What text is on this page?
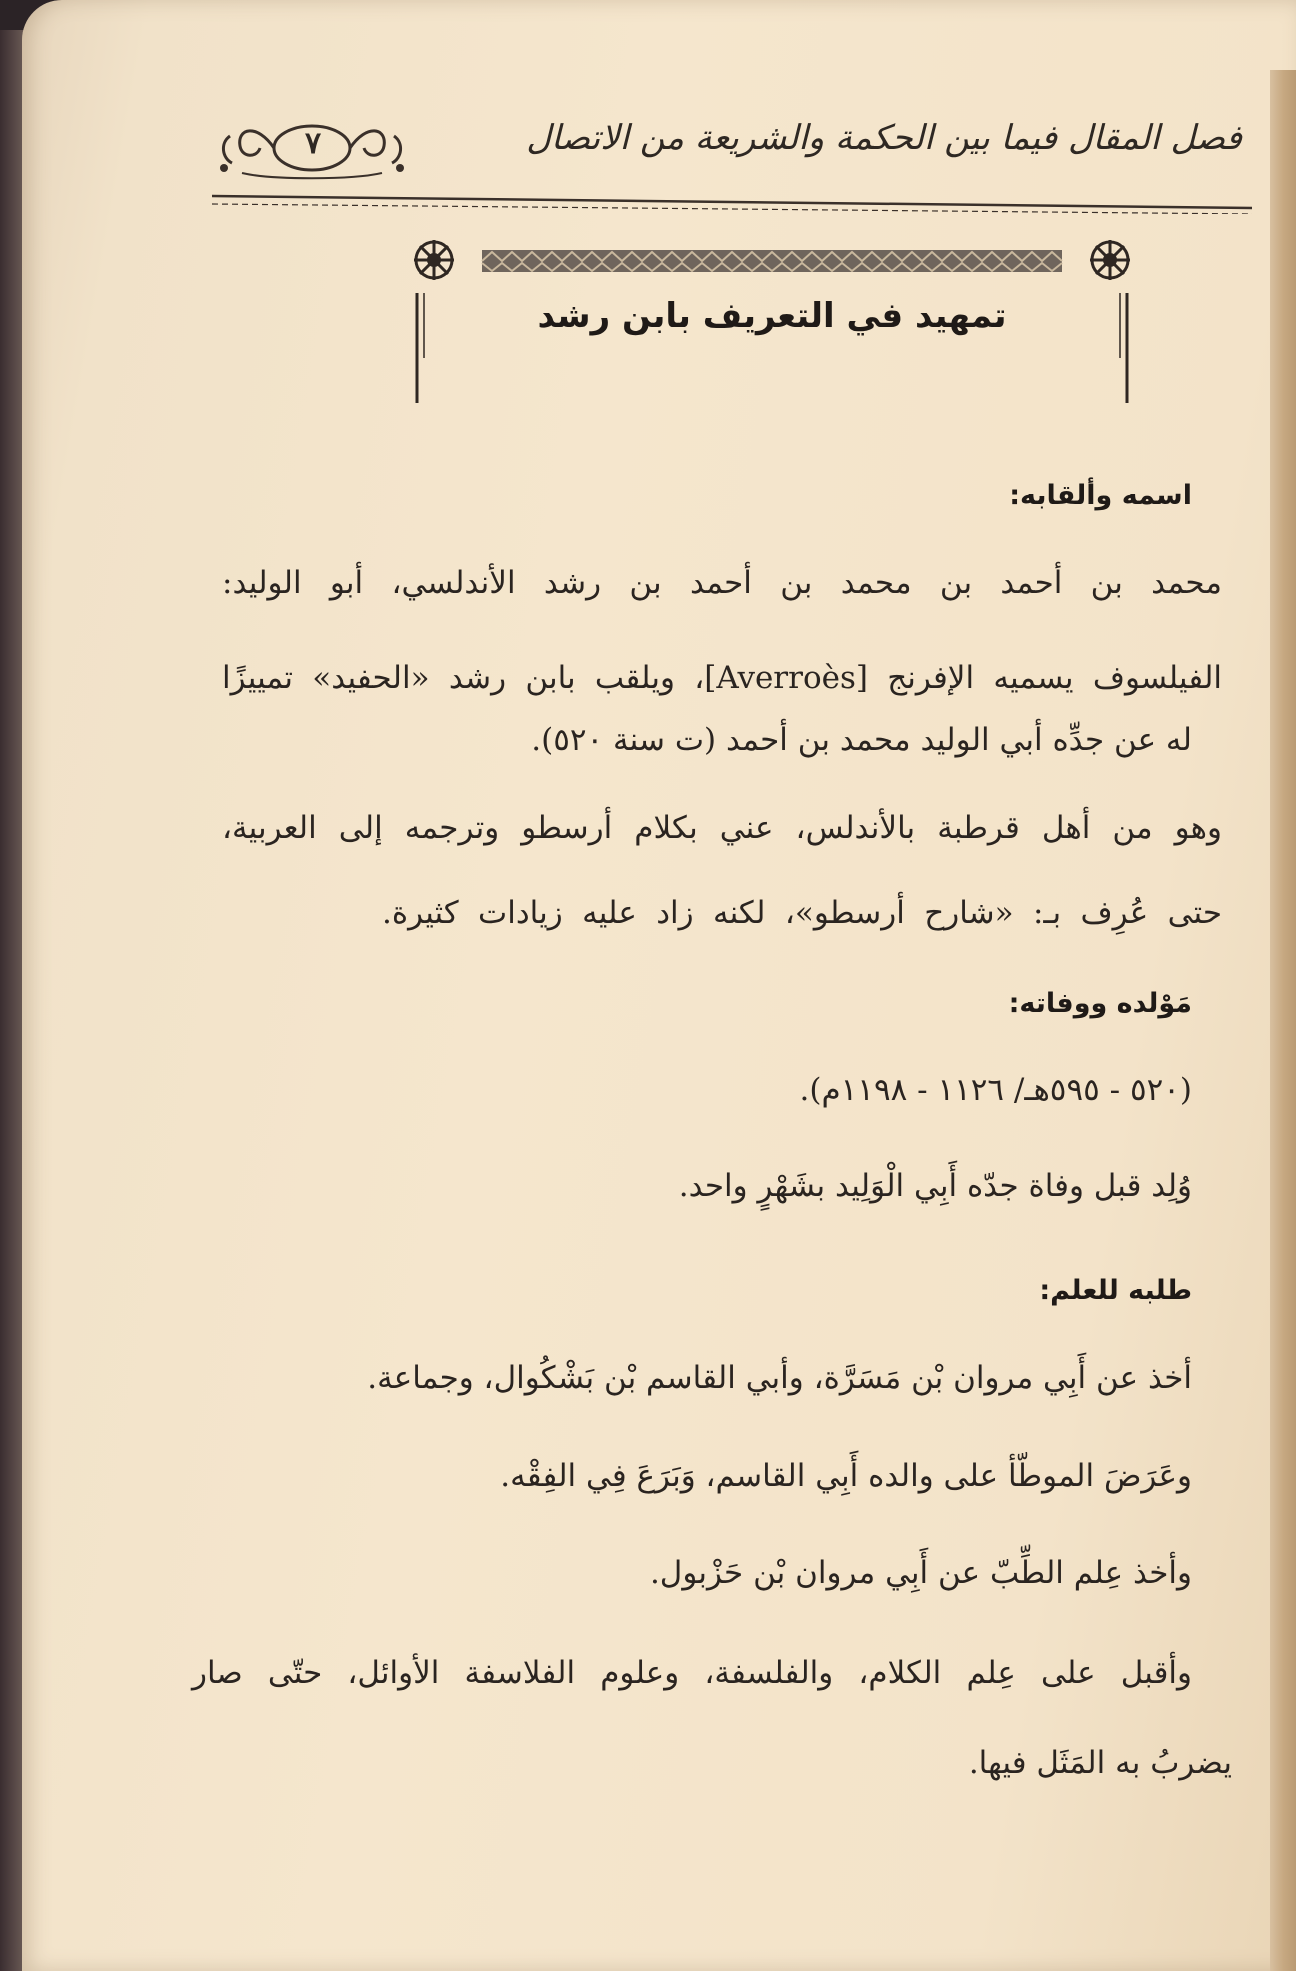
فصل المقال فيما بين الحكمة والشريعة من الاتصال
٧
تمهيد في التعريف بابن رشد
اسمه وألقابه:
محمد بن أحمد بن محمد بن أحمد بن رشد الأندلسي، أبو الوليد:
الفيلسوف يسميه الإفرنج [Averroès]، ويلقب بابن رشد «الحفيد» تمييزًا
له عن جدِّه أبي الوليد محمد بن أحمد (ت سنة ٥٢٠).
وهو من أهل قرطبة بالأندلس، عني بكلام أرسطو وترجمه إلى العربية،
حتى عُرِف بـ: «شارح أرسطو»، لكنه زاد عليه زيادات كثيرة.
مَوْلده ووفاته:
(٥٢٠ - ٥٩٥هـ/ ١١٢٦ - ١١٩٨م).
وُلِد قبل وفاة جدّه أَبِي الْوَلِيد بشَهْرٍ واحد.
طلبه للعلم:
أخذ عن أَبِي مروان بْن مَسَرَّة، وأبي القاسم بْن بَشْكُوال، وجماعة.
وعَرَضَ الموطّأ على والده أَبِي القاسم، وَبَرَعَ فِي الفِقْه.
وأخذ عِلم الطِّبّ عن أَبِي مروان بْن حَزْبول.
وأقبل على عِلم الكلام، والفلسفة، وعلوم الفلاسفة الأوائل، حتّى صار
يضربُ به المَثَل فيها.
